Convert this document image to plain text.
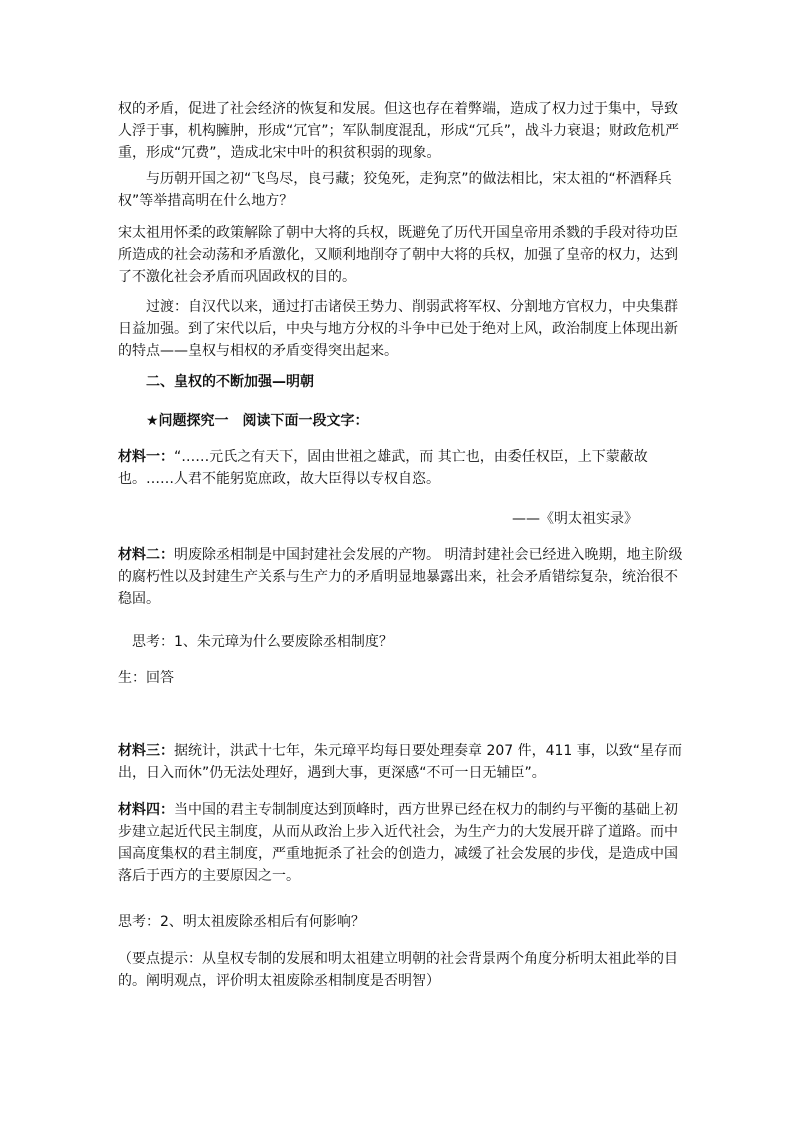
权的矛盾，促进了社会经济的恢复和发展。但这也存在着弊端，造成了权力过于集中，导致人浮于事，机构臃肿，形成“冗官”；军队制度混乱，形成“冗兵”，战斗力衰退；财政危机严重，形成“冗费”，造成北宋中叶的积贫积弱的现象。

与历朝开国之初“飞鸟尽，良弓藏；狡兔死，走狗烹”的做法相比，宋太祖的“杯酒释兵权”等举措高明在什么地方？

宋太祖用怀柔的政策解除了朝中大将的兵权，既避免了历代开国皇帝用杀戮的手段对待功臣所造成的社会动荡和矛盾激化，又顺利地削夺了朝中大将的兵权，加强了皇帝的权力，达到了不激化社会矛盾而巩固政权的目的。

过渡：自汉代以来，通过打击诸侯王势力、削弱武将军权、分割地方官权力，中央集群日益加强。到了宋代以后，中央与地方分权的斗争中已处于绝对上风，政治制度上体现出新的特点——皇权与相权的矛盾变得突出起来。

二、皇权的不断加强—明朝

★问题探究一　阅读下面一段文字：

材料一：“……元氏之有天下，固由世祖之雄武，而 其亡也，由委任权臣，上下蒙蔽故也。……人君不能躬览庶政，故大臣得以专权自恣。

——《明太祖实录》

材料二：明废除丞相制是中国封建社会发展的产物。 明清封建社会已经进入晚期，地主阶级的腐朽性以及封建生产关系与生产力的矛盾明显地暴露出来，社会矛盾错综复杂，统治很不稳固。

思考：1、朱元璋为什么要废除丞相制度？

生：回答

材料三：据统计，洪武十七年，朱元璋平均每日要处理奏章 207 件，411 事，以致“星存而出，日入而休”仍无法处理好，遇到大事，更深感“不可一日无辅臣”。

材料四：当中国的君主专制制度达到顶峰时，西方世界已经在权力的制约与平衡的基础上初步建立起近代民主制度，从而从政治上步入近代社会，为生产力的大发展开辟了道路。而中国高度集权的君主制度，严重地扼杀了社会的创造力，减缓了社会发展的步伐，是造成中国落后于西方的主要原因之一。

思考：2、明太祖废除丞相后有何影响？

（要点提示：从皇权专制的发展和明太祖建立明朝的社会背景两个角度分析明太祖此举的目的。阐明观点，评价明太祖废除丞相制度是否明智）
